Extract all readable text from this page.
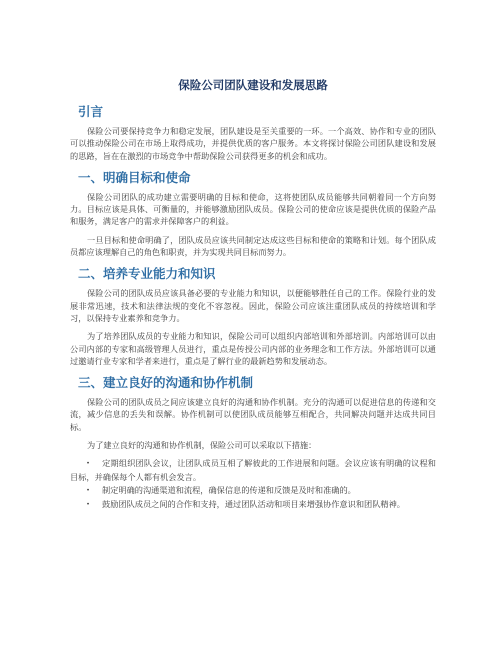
保险公司团队建设和发展思路
引言

保险公司要保持竞争力和稳定发展，团队建设是至关重要的一环。一个高效、协作和专业的团队可以推动保险公司在市场上取得成功，并提供优质的客户服务。本文将探讨保险公司团队建设和发展的思路，旨在在激烈的市场竞争中帮助保险公司获得更多的机会和成功。

一、明确目标和使命

保险公司团队的成功建立需要明确的目标和使命，这将使团队成员能够共同朝着同一个方向努力。目标应该是具体、可衡量的，并能够激励团队成员。保险公司的使命应该是提供优质的保险产品和服务，满足客户的需求并保障客户的利益。

一旦目标和使命明确了，团队成员应该共同制定达成这些目标和使命的策略和计划。每个团队成员都应该理解自己的角色和职责，并为实现共同目标而努力。

二、培养专业能力和知识

保险公司的团队成员应该具备必要的专业能力和知识，以便能够胜任自己的工作。保险行业的发展非常迅速，技术和法律法规的变化不容忽视。因此，保险公司应该注重团队成员的持续培训和学习，以保持专业素养和竞争力。

为了培养团队成员的专业能力和知识，保险公司可以组织内部培训和外部培训。内部培训可以由公司内部的专家和高级管理人员进行，重点是传授公司内部的业务理念和工作方法。外部培训可以通过邀请行业专家和学者来进行，重点是了解行业的最新趋势和发展动态。

三、建立良好的沟通和协作机制

保险公司的团队成员之间应该建立良好的沟通和协作机制。充分的沟通可以促进信息的传递和交流，减少信息的丢失和误解。协作机制可以使团队成员能够互相配合，共同解决问题并达成共同目标。

为了建立良好的沟通和协作机制，保险公司可以采取以下措施：

• 定期组织团队会议，让团队成员互相了解彼此的工作进展和问题。会议应该有明确的议程和目标，并确保每个人都有机会发言。
• 制定明确的沟通渠道和流程，确保信息的传递和反馈是及时和准确的。
• 鼓励团队成员之间的合作和支持，通过团队活动和项目来增强协作意识和团队精神。
